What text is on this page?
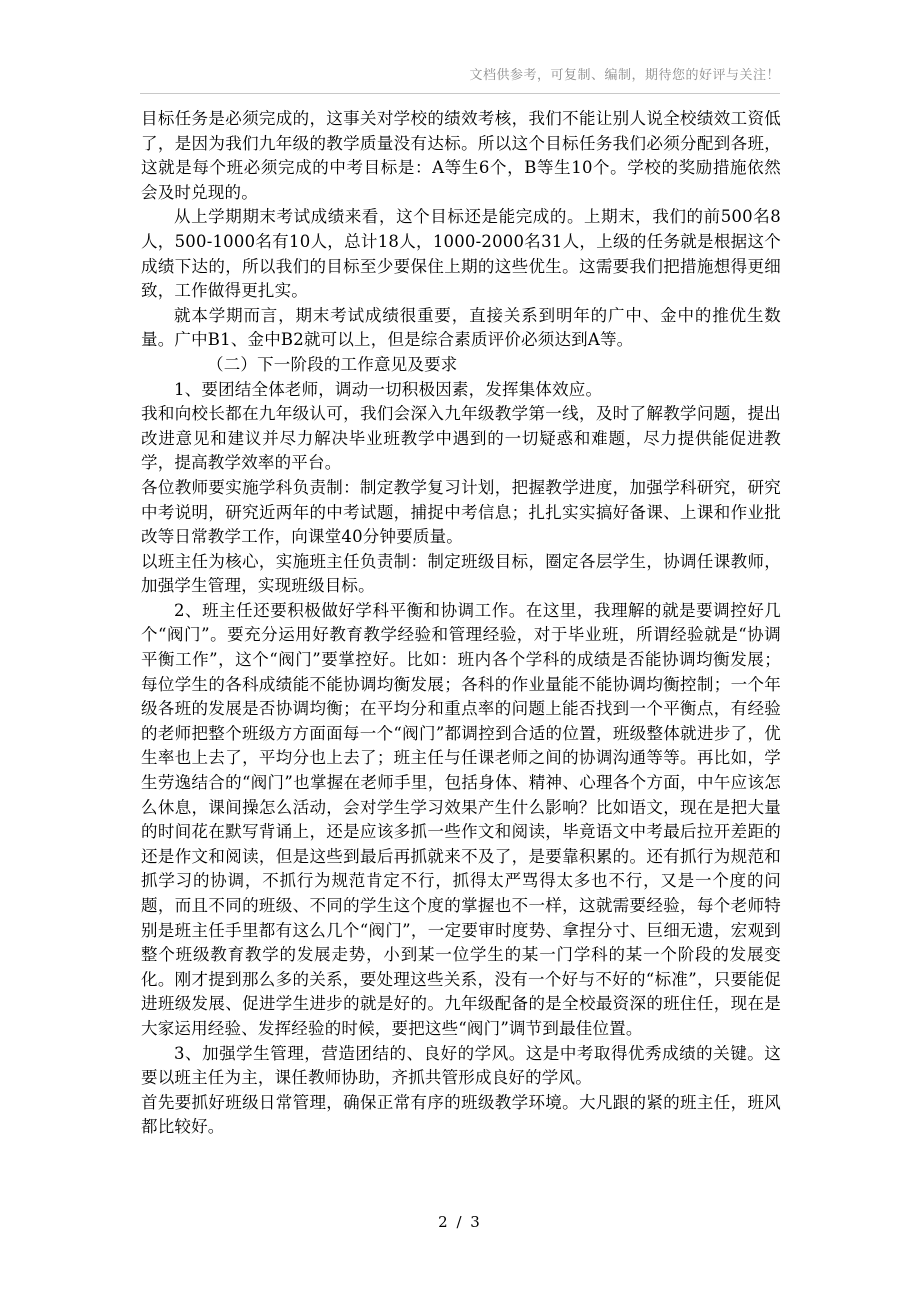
文档供参考，可复制、编制，期待您的好评与关注！

目标任务是必须完成的，这事关对学校的绩效考核，我们不能让别人说全校绩效工资低了，是因为我们九年级的教学质量没有达标。所以这个目标任务我们必须分配到各班，这就是每个班必须完成的中考目标是：A等生6个，B等生10个。学校的奖励措施依然会及时兑现的。

从上学期期末考试成绩来看，这个目标还是能完成的。上期末，我们的前500名8人，500-1000名有10人，总计18人，1000-2000名31人，上级的任务就是根据这个成绩下达的，所以我们的目标至少要保住上期的这些优生。这需要我们把措施想得更细致，工作做得更扎实。

就本学期而言，期末考试成绩很重要，直接关系到明年的广中、金中的推优生数量。广中B1、金中B2就可以上，但是综合素质评价必须达到A等。

（二）下一阶段的工作意见及要求

1、要团结全体老师，调动一切积极因素，发挥集体效应。

我和向校长都在九年级认可，我们会深入九年级教学第一线，及时了解教学问题，提出改进意见和建议并尽力解决毕业班教学中遇到的一切疑惑和难题，尽力提供能促进教学，提高教学效率的平台。

各位教师要实施学科负责制：制定教学复习计划，把握教学进度，加强学科研究，研究中考说明，研究近两年的中考试题，捕捉中考信息；扎扎实实搞好备课、上课和作业批改等日常教学工作，向课堂40分钟要质量。

以班主任为核心，实施班主任负责制：制定班级目标，圈定各层学生，协调任课教师，加强学生管理，实现班级目标。

2、班主任还要积极做好学科平衡和协调工作。在这里，我理解的就是要调控好几个“阀门”。要充分运用好教育教学经验和管理经验，对于毕业班，所谓经验就是“协调平衡工作”，这个“阀门”要掌控好。比如：班内各个学科的成绩是否能协调均衡发展；每位学生的各科成绩能不能协调均衡发展；各科的作业量能不能协调均衡控制；一个年级各班的发展是否协调均衡；在平均分和重点率的问题上能否找到一个平衡点，有经验的老师把整个班级方方面面每一个“阀门”都调控到合适的位置，班级整体就进步了，优生率也上去了，平均分也上去了；班主任与任课老师之间的协调沟通等等。再比如，学生劳逸结合的“阀门”也掌握在老师手里，包括身体、精神、心理各个方面，中午应该怎么休息，课间操怎么活动，会对学生学习效果产生什么影响？比如语文，现在是把大量的时间花在默写背诵上，还是应该多抓一些作文和阅读，毕竟语文中考最后拉开差距的还是作文和阅读，但是这些到最后再抓就来不及了，是要靠积累的。还有抓行为规范和抓学习的协调，不抓行为规范肯定不行，抓得太严骂得太多也不行，又是一个度的问题，而且不同的班级、不同的学生这个度的掌握也不一样，这就需要经验，每个老师特别是班主任手里都有这么几个“阀门”，一定要审时度势、拿捏分寸、巨细无遗，宏观到整个班级教育教学的发展走势，小到某一位学生的某一门学科的某一个阶段的发展变化。刚才提到那么多的关系，要处理这些关系，没有一个好与不好的“标准”，只要能促进班级发展、促进学生进步的就是好的。九年级配备的是全校最资深的班住任，现在是大家运用经验、发挥经验的时候，要把这些“阀门”调节到最佳位置。

3、加强学生管理，营造团结的、良好的学风。这是中考取得优秀成绩的关键。这要以班主任为主，课任教师协助，齐抓共管形成良好的学风。

首先要抓好班级日常管理，确保正常有序的班级教学环境。大凡跟的紧的班主任，班风都比较好。

2 / 3
